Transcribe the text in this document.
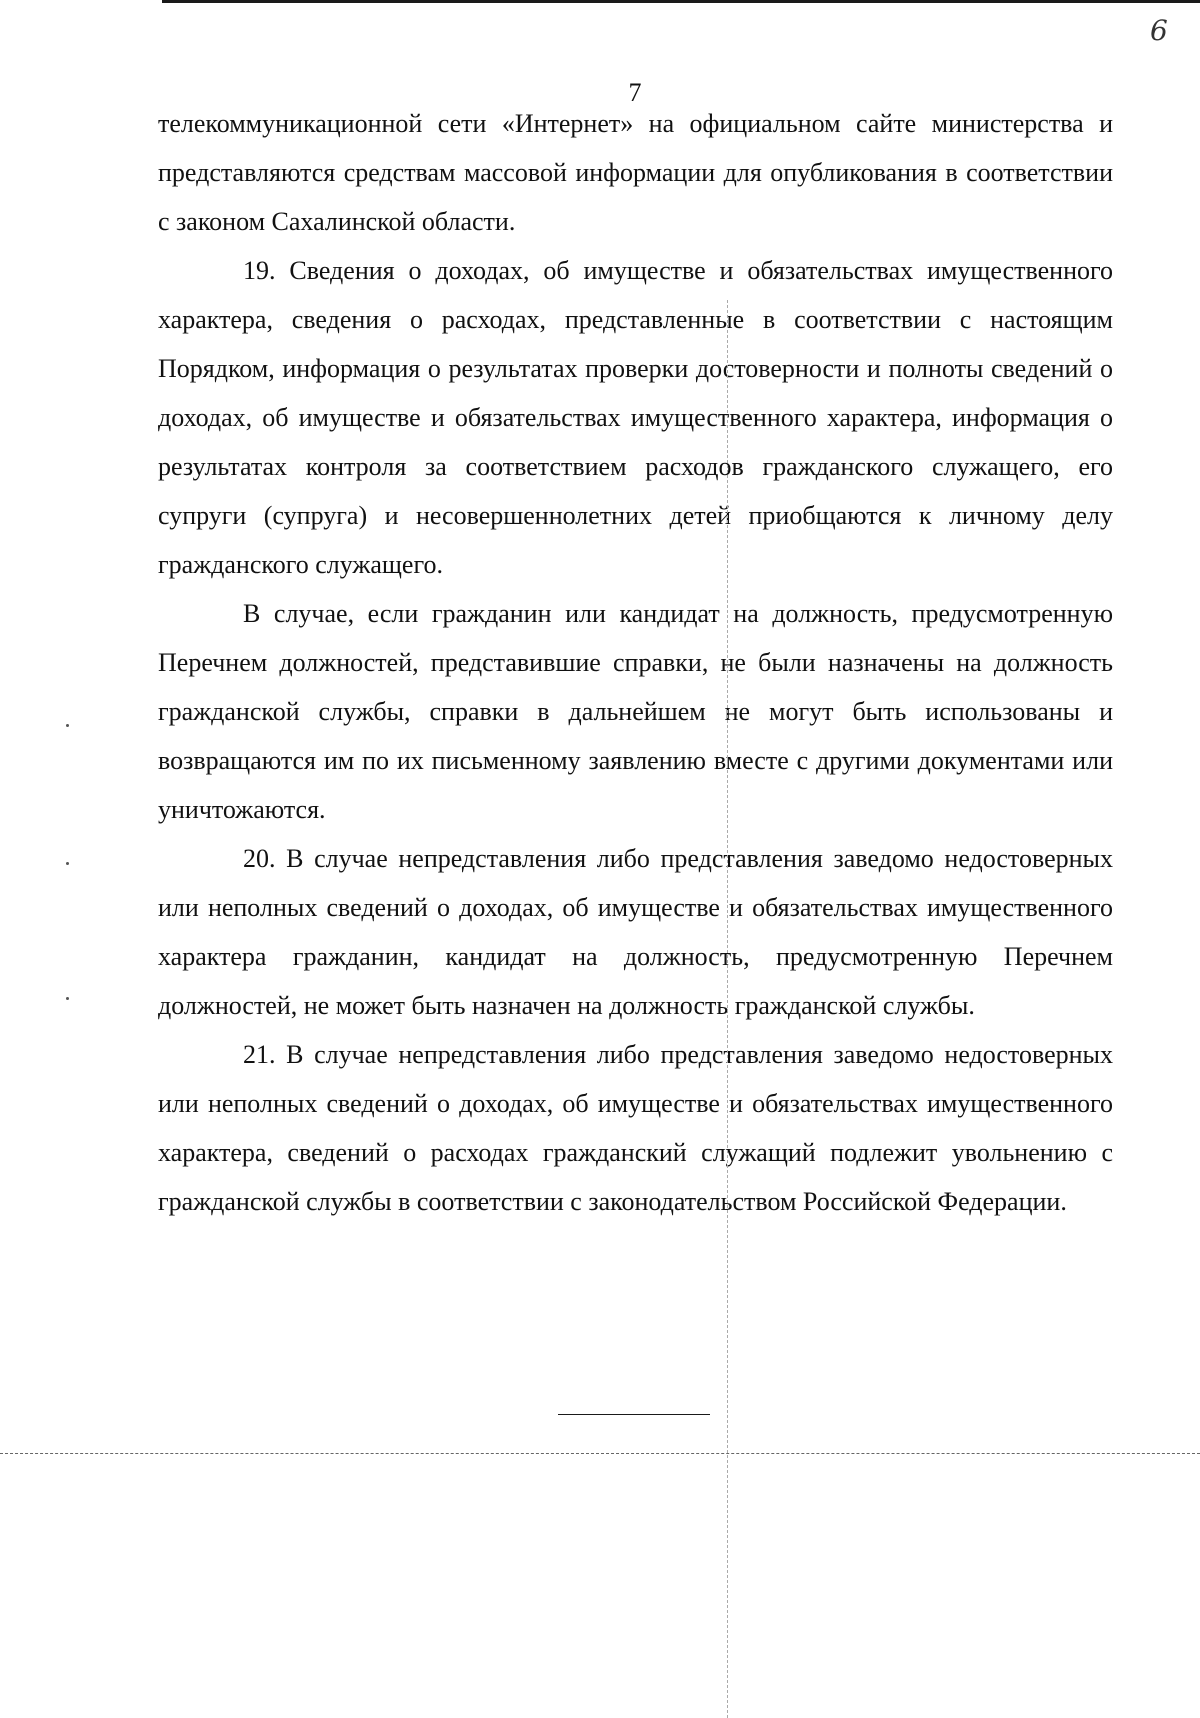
6
7

телекоммуникационной сети «Интернет» на официальном сайте министерства и представляются средствам массовой информации для опубликования в соответствии с законом Сахалинской области.

19. Сведения о доходах, об имуществе и обязательствах имущественного характера, сведения о расходах, представленные в соответствии с настоящим Порядком, информация о результатах проверки достоверности и полноты сведений о доходах, об имуществе и обязательствах имущественного характера, информация о результатах контроля за соответствием расходов гражданского служащего, его супруги (супруга) и несовершеннолетних детей приобщаются к личному делу гражданского служащего.

В случае, если гражданин или кандидат на должность, предусмотренную Перечнем должностей, представившие справки, не были назначены на должность гражданской службы, справки в дальнейшем не могут быть использованы и возвращаются им по их письменному заявлению вместе с другими документами или уничтожаются.

20. В случае непредставления либо представления заведомо недостоверных или неполных сведений о доходах, об имуществе и обязательствах имущественного характера гражданин, кандидат на должность, предусмотренную Перечнем должностей, не может быть назначен на должность гражданской службы.

21. В случае непредставления либо представления заведомо недостоверных или неполных сведений о доходах, об имуществе и обязательствах имущественного характера, сведений о расходах гражданский служащий подлежит увольнению с гражданской службы в соответствии с законодательством Российской Федерации.
